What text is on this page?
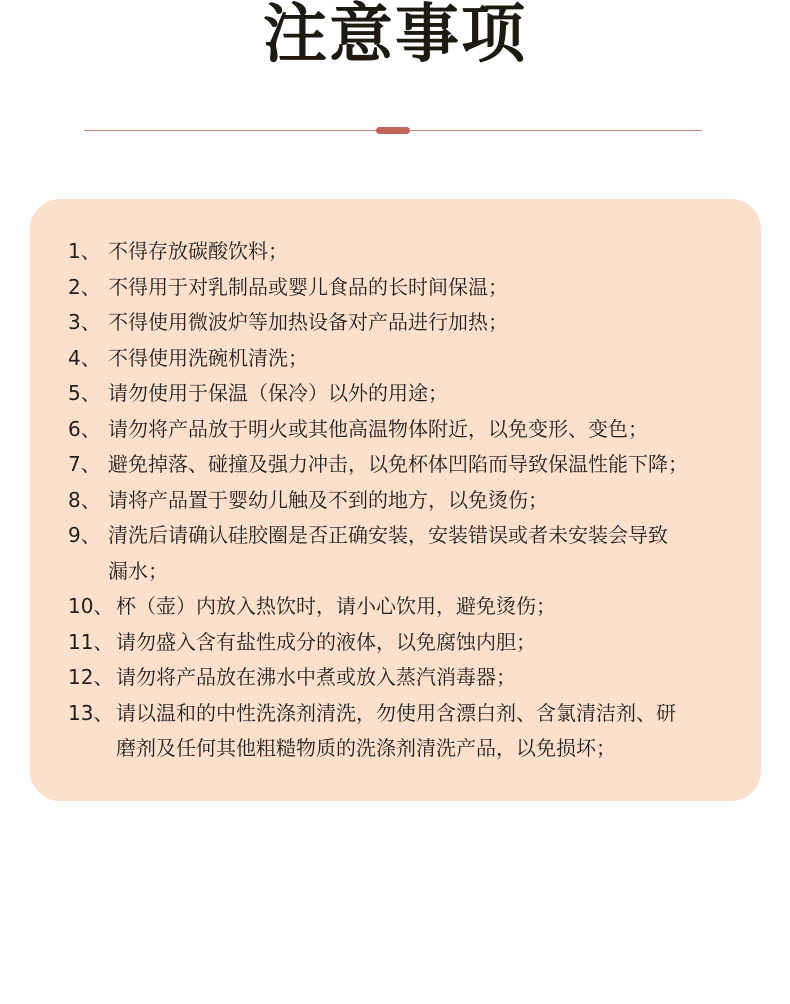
注意事项
1、 不得存放碳酸饮料；
2、 不得用于对乳制品或婴儿食品的长时间保温；
3、 不得使用微波炉等加热设备对产品进行加热；
4、 不得使用洗碗机清洗；
5、 请勿使用于保温（保冷）以外的用途；
6、 请勿将产品放于明火或其他高温物体附近，以免变形、变色；
7、 避免掉落、碰撞及强力冲击，以免杯体凹陷而导致保温性能下降；
8、 请将产品置于婴幼儿触及不到的地方，以免烫伤；
9、 清洗后请确认硅胶圈是否正确安装，安装错误或者未安装会导致
漏水；
10、 杯（壶）内放入热饮时，请小心饮用，避免烫伤；
11、 请勿盛入含有盐性成分的液体，以免腐蚀内胆；
12、 请勿将产品放在沸水中煮或放入蒸汽消毒器；
13、 请以温和的中性洗涤剂清洗，勿使用含漂白剂、含氯清洁剂、研
磨剂及任何其他粗糙物质的洗涤剂清洗产品，以免损坏；
